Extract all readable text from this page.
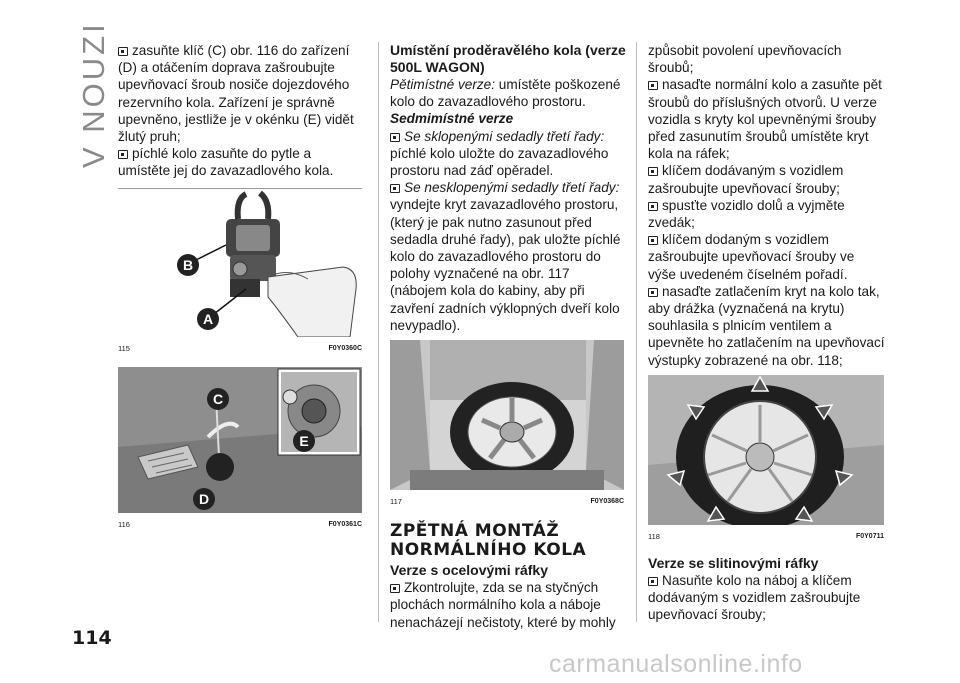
V NOUZI	zasuňte klíč (C) obr. 116 do zařízení (D) a otáčením doprava zašroubujte upevňovací šroub nosiče dojezdového rezervního kola. Zařízení je správně upevněno, jestliže je v okénku (E) vidět žlutý pruh;

píchlé kolo zasuňte do pytle a umístěte jej do zavazadlového kola.

B
A
115	F0Y0360C
C
E
D
116	F0Y0361C

Umístění proděravělého kola (verze 500L WAGON)

Pětimístné verze: umístěte poškozené kolo do zavazadlového prostoru.

Sedmimístné verze

Se sklopenými sedadly třetí řady:
píchlé kolo uložte do zavazadlového prostoru nad záď opěradel.

Se nesklopenými sedadly třetí řady:
vyndejte kryt zavazadlového prostoru, (který je pak nutno zasunout před sedadla druhé řady), pak uložte píchlé kolo do zavazadlového prostoru do polohy vyznačené na obr. 117 (nábojem kola do kabiny, aby při zavření zadních výklopných dveří kolo nevypadlo).

117	F0Y0368C

ZPĚTNÁ MONTÁŽ

NORMÁLNÍHO KOLA

Verze s ocelovými ráfky

Zkontrolujte, zda se na styčných plochách normálního kola a náboje nenacházejí nečistoty, které by mohly

způsobit povolení upevňovacích šroubů;

nasaďte normální kolo a zasuňte pět šroubů do příslušných otvorů. U verze vozidla s kryty kol upevněnými šrouby před zasunutím šroubů umístěte kryt kola na ráfek;

klíčem dodávaným s vozidlem zašroubujte upevňovací šrouby;

spusťte vozidlo dolů a vyjměte zvedák;

klíčem dodaným s vozidlem zašroubujte upevňovací šrouby ve výše uvedeném číselném pořadí.

nasaďte zatlačením kryt na kolo tak, aby drážka (vyznačená na krytu) souhlasila s plnicím ventilem a upevněte ho zatlačením na upevňovací výstupky zobrazené na obr. 118;

118	F0Y0711

Verze se slitinovými ráfky

Nasuňte kolo na náboj a klíčem dodávaným s vozidlem zašroubujte upevňovací šrouby;

114
carmanualsonline.info
